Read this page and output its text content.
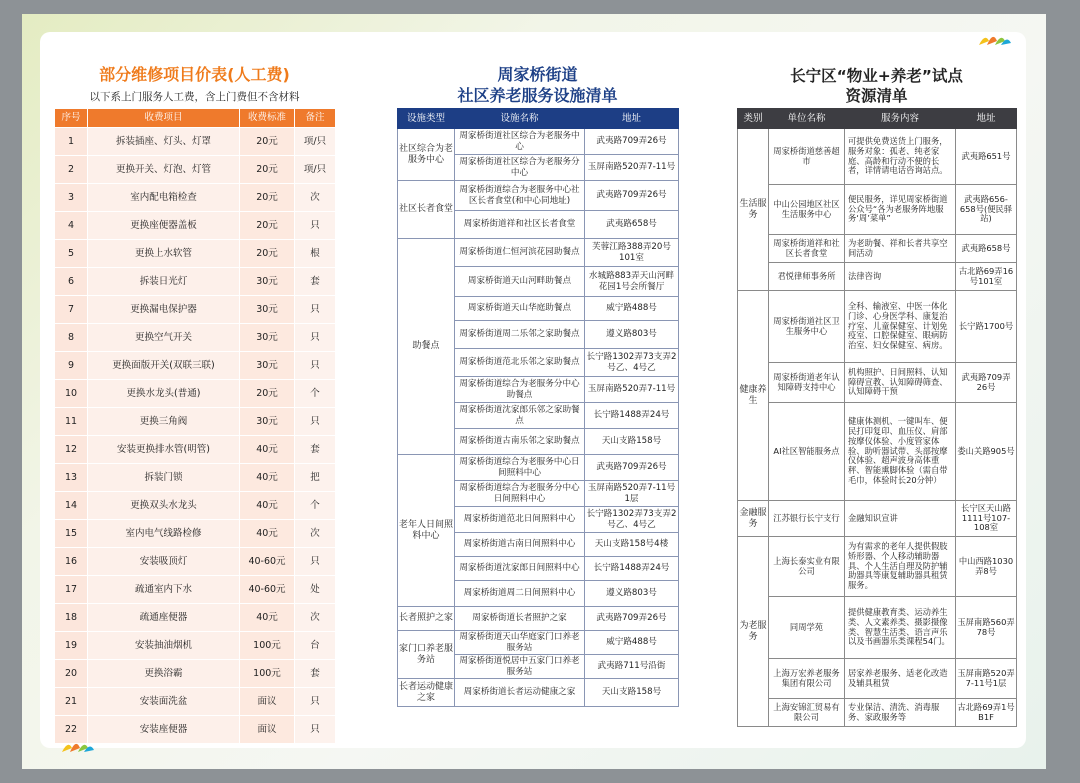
部分维修项目价表(人工费)
以下系上门服务人工费，含上门费但不含材料
序号	收费项目	收费标准	备注
1	拆装插座、灯头、灯罩	20元	项/只
2	更换开关、灯泡、灯管	20元	项/只
3	室内配电箱检查	20元	次
4	更换座便器盖板	20元	只
5	更换上水软管	20元	根
6	拆装日光灯	30元	套
7	更换漏电保护器	30元	只
8	更换空气开关	30元	只
9	更换面版开关(双联三联)	30元	只
10	更换水龙头(普通)	20元	个
11	更换三角阀	30元	只
12	安装更换排水管(明管)	40元	套
13	拆装门锁	40元	把
14	更换双头水龙头	40元	个
15	室内电气线路检修	40元	次
16	安装吸顶灯	40-60元	只
17	疏通室内下水	40-60元	处
18	疏通座便器	40元	次
19	安装抽油烟机	100元	台
20	更换浴霸	100元	套
21	安装面洗盆	面议	只
22	安装座便器	面议	只
周家桥街道
社区养老服务设施清单
设施类型	设施名称	地址
社区综合为老服务中心	周家桥街道社区综合为老服务中心	武夷路709弄26号
	周家桥街道社区综合为老服务分中心	玉屏南路520弄7-11号
社区长者食堂	周家桥街道综合为老服务中心社区长者食堂(和中心同地址)	武夷路709弄26号
	周家桥街道祥和社区长者食堂	武夷路658号
助餐点	周家桥街道仁恒河滨花园助餐点	芙蓉江路388弄20号101室
	周家桥街道天山河畔助餐点	水城路883弄天山河畔花园1号会所餐厅
	周家桥街道天山华庭助餐点	威宁路488号
	周家桥街道周二乐邻之家助餐点	遵义路803号
	周家桥街道范北乐邻之家助餐点	长宁路1302弄73支弄2号乙、4号乙
	周家桥街道综合为老服务分中心助餐点	玉屏南路520弄7-11号
	周家桥街道沈家郎乐邻之家助餐点	长宁路1488弄24号
	周家桥街道古南乐邻之家助餐点	天山支路158号
老年人日间照料中心	周家桥街道综合为老服务中心日间照料中心	武夷路709弄26号
	周家桥街道综合为老服务分中心日间照料中心	玉屏南路520弄7-11号1层
	周家桥街道范北日间照料中心	长宁路1302弄73支弄2号乙、4号乙
	周家桥街道古南日间照料中心	天山支路158号4楼
	周家桥街道沈家郎日间照料中心	长宁路1488弄24号
	周家桥街道周二日间照料中心	遵义路803号
长者照护之家	周家桥街道长者照护之家	武夷路709弄26号
家门口养老服务站	周家桥街道天山华庭家门口养老服务站	威宁路488号
	周家桥街道悦居中五家门口养老服务站	武夷路711号沿街
长者运动健康之家	周家桥街道长者运动健康之家	天山支路158号
长宁区“物业+养老”试点
资源清单
类别	单位名称	服务内容	地址
生活服务	周家桥街道慈善超市	可提供免费送货上门服务，服务对象：孤老、纯老家庭、高龄和行动不便的长者，详情请电话咨询站点。	武夷路651号
	中山公园地区社区生活服务中心	便民服务，详见周家桥街道公众号“各为老服务阵地服务‘周’菜单”	武夷路656-658号(便民驿站)
	周家桥街道祥和社区长者食堂	为老助餐、祥和长者共享空间活动	武夷路658号
	君悦律师事务所	法律咨询	古北路69弄16号101室
健康养生	周家桥街道社区卫生服务中心	全科、输液室、中医一体化门诊、心身医学科、康复治疗室、儿童保健室、计划免疫室、口腔保健室、眼病防治室、妇女保健室、病房。	长宁路1700号
	周家桥街道老年认知障碍支持中心	机构照护、日间照料、认知障碍宣教、认知障碍筛查、认知障碍干预	武夷路709弄26号
	AI社区智能服务点	健康体测机、一键叫车、便民打印复印、血压仪、肩部按摩仪体验、小度管家体验、助听器试带、头部按摩仪体验、超声波身高体重秤、智能熏脚体验（需自带毛巾，体验时长20分钟）	娄山关路905号
金融服务	江苏银行长宁支行	金融知识宣讲	长宁区天山路1111号107-108室
为老服务	上海长泰实业有限公司	为有需求的老年人提供假肢矫形器、个人移动辅助器具、个人生活自理及防护辅助器具等康复辅助器具租赁服务。	中山西路1030弄8号
	同周学苑	提供健康教育类、运动养生类、人文素养类、摄影摄像类、智慧生活类、语言声乐以及书画器乐类课程54门。	玉屏南路560弄78号
	上海万宏养老服务集团有限公司	居家养老服务、适老化改造及辅具租赁	玉屏南路520弄7-11号1层
	上海安锦汇贸易有限公司	专业保洁、清洗、消毒服务、家政服务等	古北路69弄1号B1F
